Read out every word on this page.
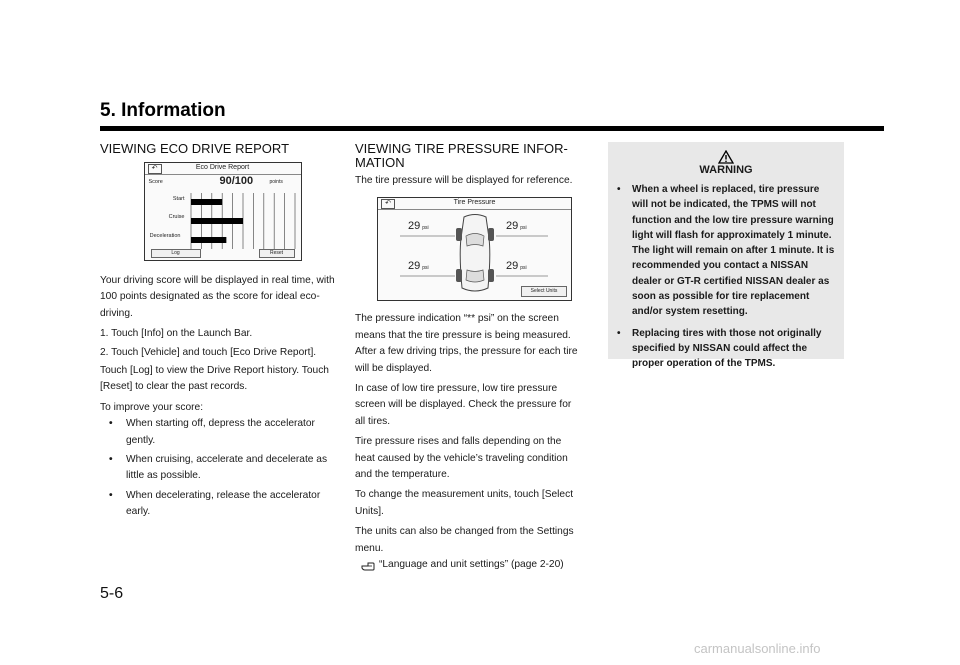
5. Information
VIEWING ECO DRIVE REPORT
↶	Eco Drive Report
Score	90/100	points
Start
Cruise
Deceleration
Log	Reset

Your driving score will be displayed in real time, with 100 points designated as the score for ideal eco-driving.

1. Touch [Info] on the Launch Bar.

2. Touch [Vehicle] and touch [Eco Drive Report].

Touch [Log] to view the Drive Report history. Touch [Reset] to clear the past records.

To improve your score:

• When starting off, depress the accelerator gently.

• When cruising, accelerate and decelerate as little as possible.

• When decelerating, release the accelerator early.

VIEWING TIRE PRESSURE INFOR-
MATION

The tire pressure will be displayed for reference.

↶	Tire Pressure
29 psi	29 psi
29 psi	29 psi
Select Units

The pressure indication “** psi” on the screen means that the tire pressure is being measured. After a few driving trips, the pressure for each tire will be displayed.

In case of low tire pressure, low tire pressure screen will be displayed. Check the pressure for all tires.

Tire pressure rises and falls depending on the heat caused by the vehicle’s traveling condition and the temperature.

To change the measurement units, touch [Select Units].

The units can also be changed from the Settings menu.

“Language and unit settings” (page 2-20)
WARNING
• When a wheel is replaced, tire pressure will not be indicated, the TPMS will not function and the low tire pressure warning light will flash for approximately 1 minute. The light will remain on after 1 minute. It is recommended you contact a NISSAN dealer or GT-R certified NISSAN dealer as soon as possible for tire replacement and/or system resetting.
• Replacing tires with those not originally specified by NISSAN could affect the proper operation of the TPMS.
5-6
carmanualsonline.info
